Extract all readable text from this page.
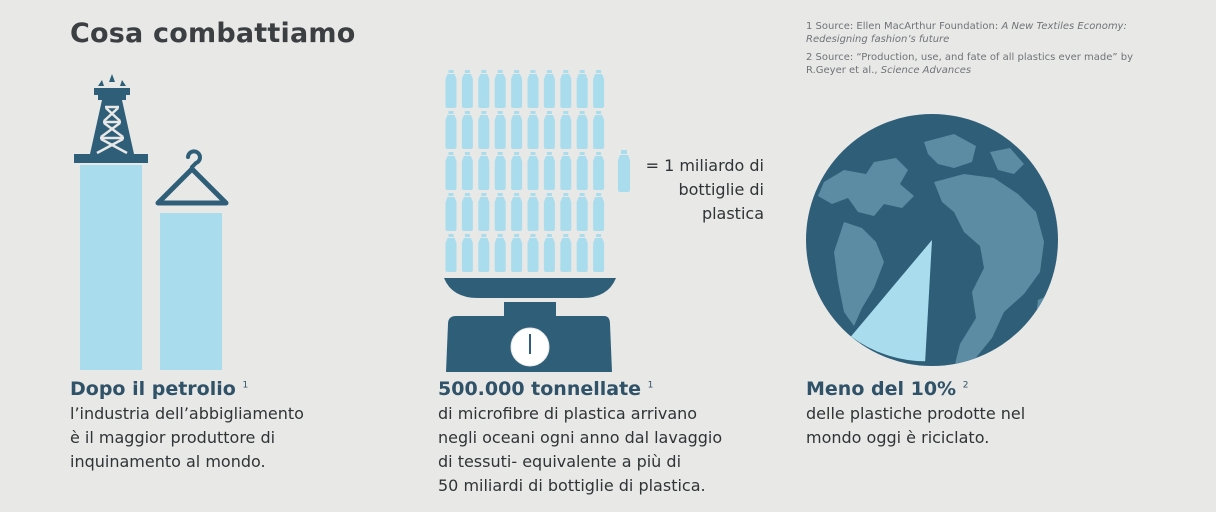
Cosa combattiamo	1 Source: Ellen MacArthur Foundation: A New Textiles Economy: Redesigning fashion’s future

2 Source: “Production, use, and fate of all plastics ever made” by R.Geyer et al., Science Advances

Dopo il petrolio $^1$

l’industria dell’abbigliamento
è il maggior produttore di
inquinamento al mondo.

= 1 miliardo di
bottiglie di
plastica

500.000 tonnellate $^1$

di microfibre di plastica arrivano
negli oceani ogni anno dal lavaggio
di tessuti- equivalente a più di
50 miliardi di bottiglie di plastica.

Meno del 10% $^2$

delle plastiche prodotte nel
mondo oggi è riciclato.
